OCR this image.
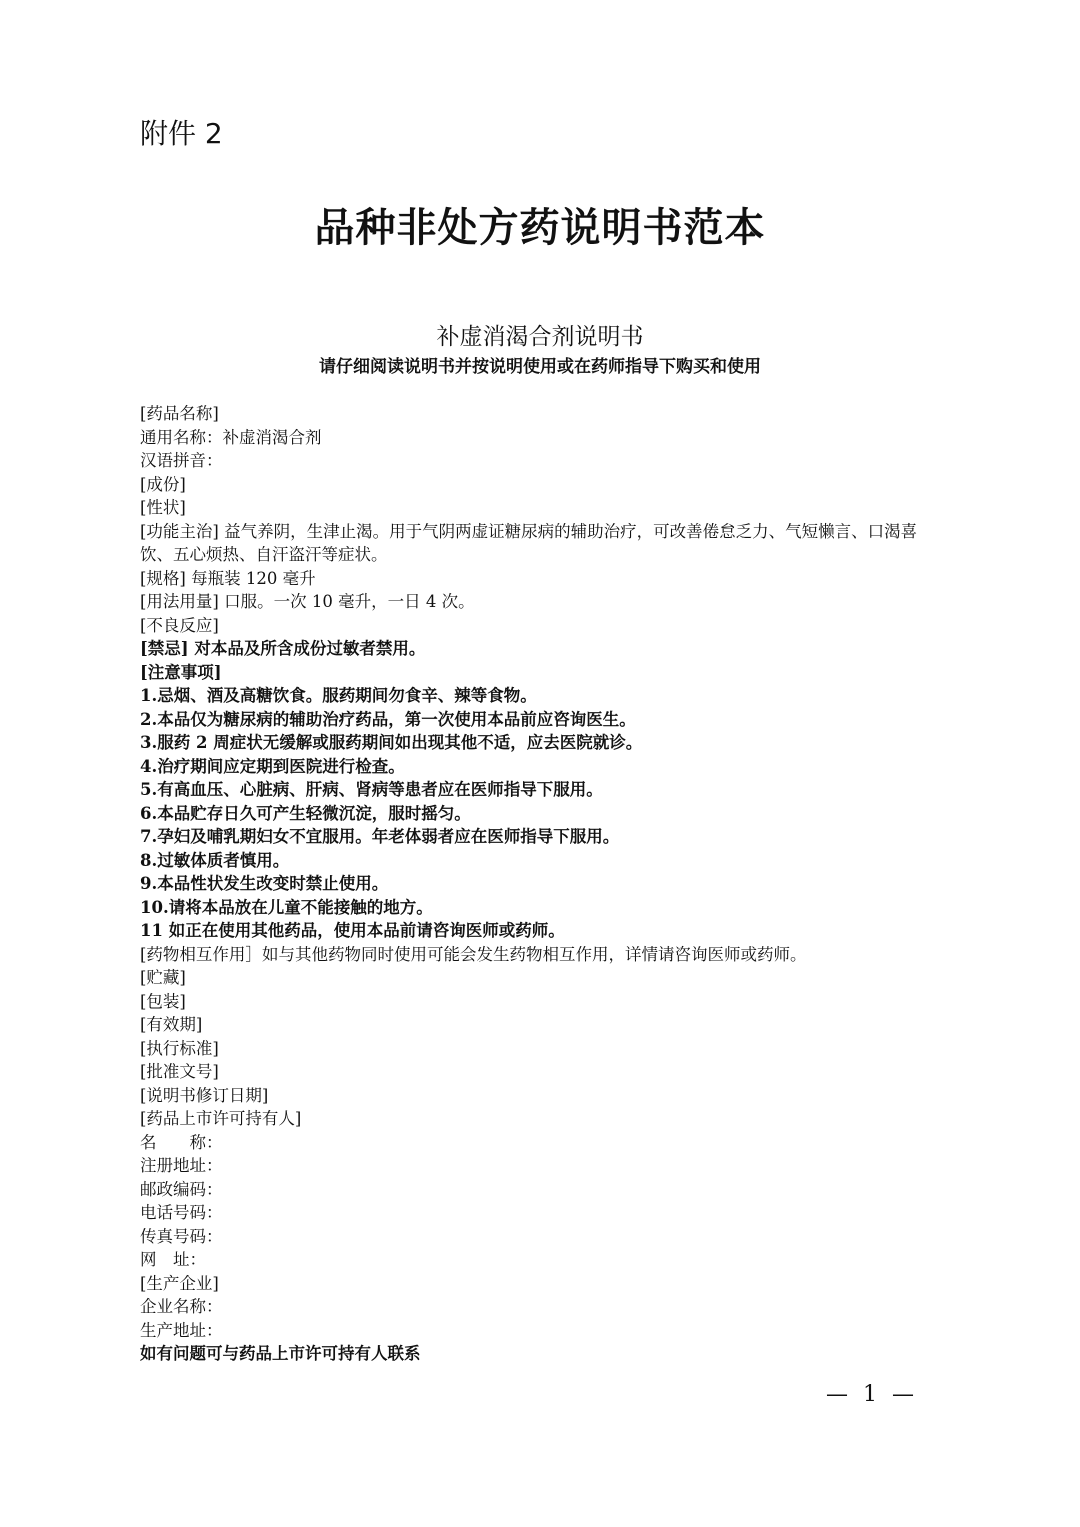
附件 2
品种非处方药说明书范本
补虚消渴合剂说明书
请仔细阅读说明书并按说明使用或在药师指导下购买和使用
[药品名称]
通用名称：补虚消渴合剂
汉语拼音：
[成份]
[性状]
[功能主治] 益气养阴，生津止渴。用于气阴两虚证糖尿病的辅助治疗，可改善倦怠乏力、气短懒言、口渴喜饮、五心烦热、自汗盗汗等症状。
[规格] 每瓶装 120 毫升
[用法用量] 口服。一次 10 毫升，一日 4 次。
[不良反应]
[禁忌] 对本品及所含成份过敏者禁用。
[注意事项]
1.忌烟、酒及高糖饮食。服药期间勿食辛、辣等食物。
2.本品仅为糖尿病的辅助治疗药品，第一次使用本品前应咨询医生。
3.服药 2 周症状无缓解或服药期间如出现其他不适，应去医院就诊。
4.治疗期间应定期到医院进行检查。
5.有高血压、心脏病、肝病、肾病等患者应在医师指导下服用。
6.本品贮存日久可产生轻微沉淀，服时摇匀。
7.孕妇及哺乳期妇女不宜服用。年老体弱者应在医师指导下服用。
8.过敏体质者慎用。
9.本品性状发生改变时禁止使用。
10.请将本品放在儿童不能接触的地方。
11 如正在使用其他药品，使用本品前请咨询医师或药师。
[药物相互作用］如与其他药物同时使用可能会发生药物相互作用，详情请咨询医师或药师。
[贮藏]
[包装]
[有效期]
[执行标准]
[批准文号]
[说明书修订日期]
[药品上市许可持有人]
名　　称：
注册地址：
邮政编码：
电话号码：
传真号码：
网　址：
[生产企业]
企业名称：
生产地址：
如有问题可与药品上市许可持有人联系
— 1 —
